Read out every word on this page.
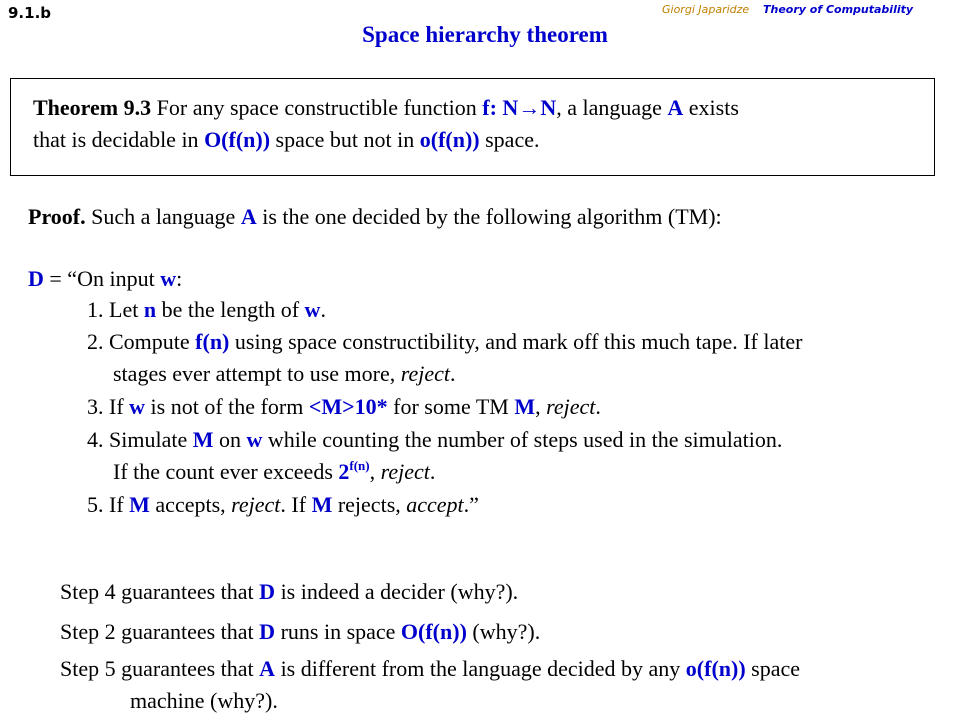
9.1.b	Giorgi Japaridze Theory of Computability
Space hierarchy theorem
Theorem 9.3 For any space constructible function f: N→N, a language A exists
that is decidable in O(f(n)) space but not in o(f(n)) space.
Proof. Such a language A is the one decided by the following algorithm (TM):
D = “On input w:
1. Let n be the length of w.
2. Compute f(n) using space constructibility, and mark off this much tape. If later
stages ever attempt to use more, reject.
3. If w is not of the form <M>10* for some TM M, reject.
4. Simulate M on w while counting the number of steps used in the simulation.
If the count ever exceeds $2^{f(n)}$, reject.
5. If M accepts, reject. If M rejects, accept.”
Step 4 guarantees that D is indeed a decider (why?).
Step 2 guarantees that D runs in space O(f(n)) (why?).
Step 5 guarantees that A is different from the language decided by any o(f(n)) space
machine (why?).
